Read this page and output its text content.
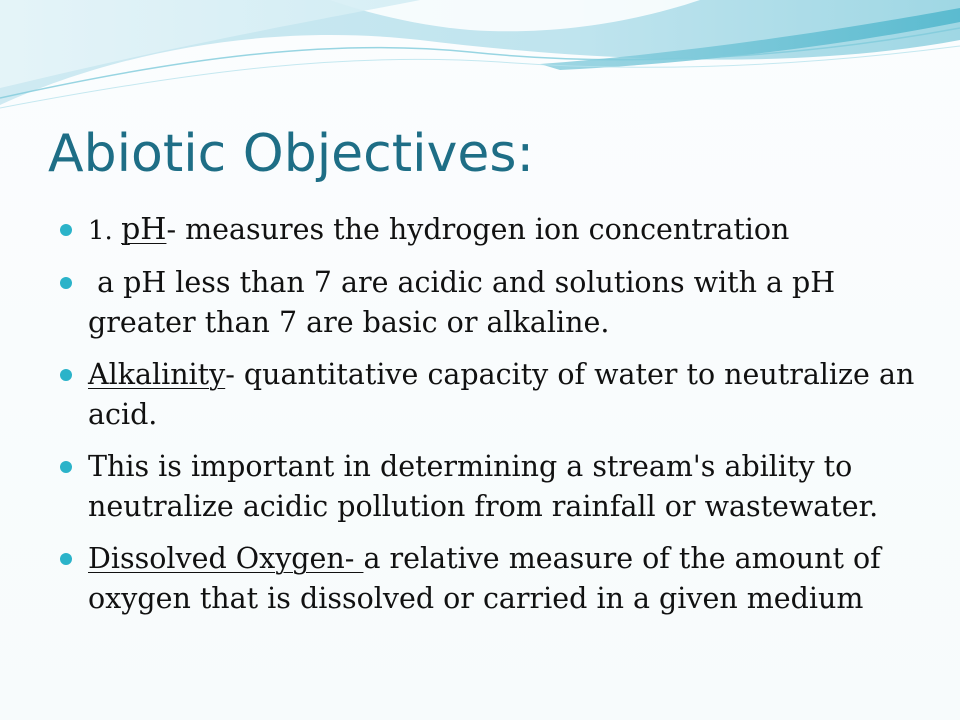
Abiotic Objectives:
1. pH- measures the hydrogen ion concentration
a pH less than 7 are acidic and solutions with a pH greater than 7 are basic or alkaline.
Alkalinity- quantitative capacity of water to neutralize an acid.
This is important in determining a stream's ability to neutralize acidic pollution from rainfall or wastewater.
Dissolved Oxygen- a relative measure of the amount of oxygen that is dissolved or carried in a given medium
